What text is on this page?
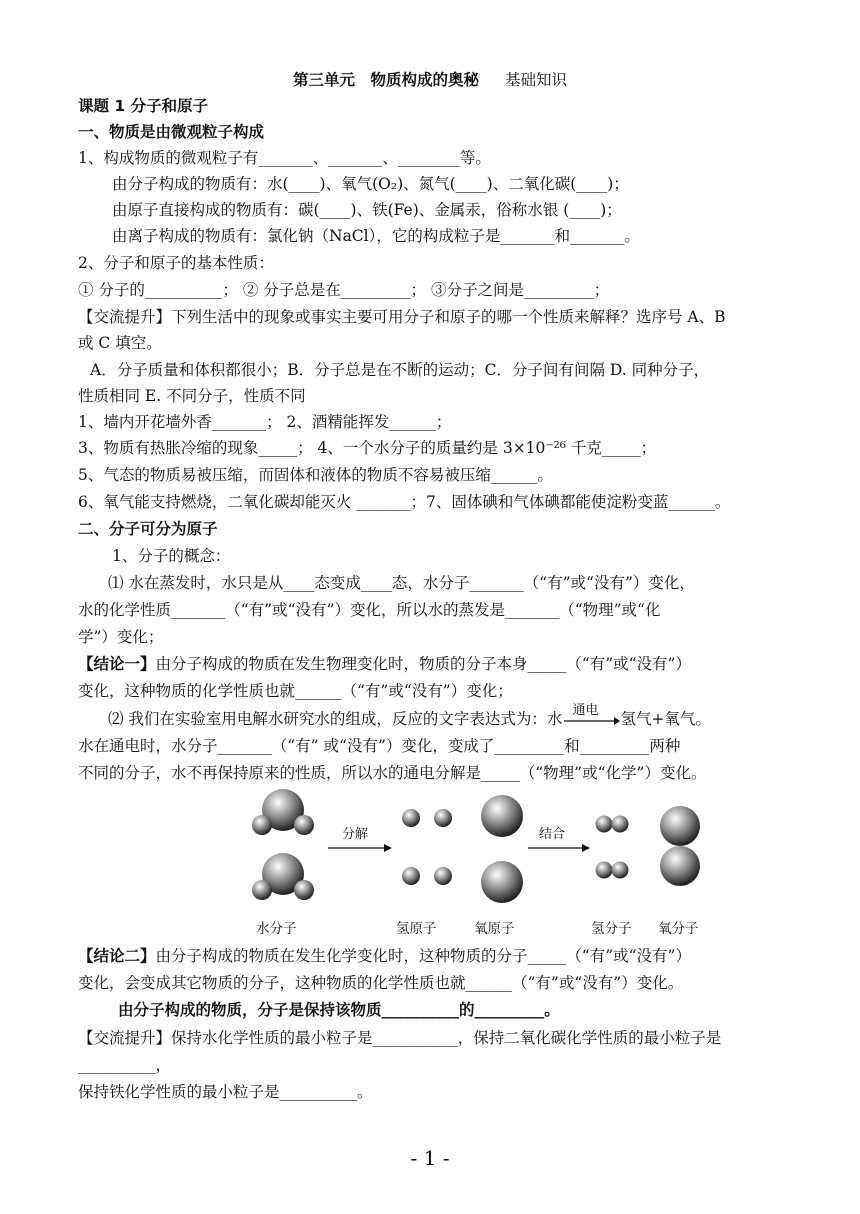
第三单元　物质构成的奥秘 基础知识
课题 1 分子和原子
一、物质是由微观粒子构成
1、构成物质的微观粒子有_______、_______、________等。
由分子构成的物质有：水(____)、氧气(O₂)、氮气(____)、二氧化碳(____)；
由原子直接构成的物质有：碳(____)、铁(Fe)、金属汞，俗称水银 (____)；
由离子构成的物质有：氯化钠（NaCl），它的构成粒子是_______和_______。
2、分子和原子的基本性质：
① 分子的__________； ② 分子总是在_________； ③分子之间是_________；
【交流提升】下列生活中的现象或事实主要可用分子和原子的哪一个性质来解释？选序号 A、B
或 C 填空。
A．分子质量和体积都很小；B．分子总是在不断的运动；C．分子间有间隔 D. 同种分子，
性质相同 E. 不同分子，性质不同
1、墙内开花墙外香_______； 2、酒精能挥发______；
3、物质有热胀冷缩的现象_____； 4、一个水分子的质量约是 3×10⁻²⁶ 千克_____；
5、气态的物质易被压缩，而固体和液体的物质不容易被压缩______。
6、氧气能支持燃烧，二氧化碳却能灭火 _______；7、固体碘和气体碘都能使淀粉变蓝______。
二、分子可分为原子
1、分子的概念：
⑴ 水在蒸发时，水只是从____态变成____态，水分子_______（“有”或“没有”）变化，
水的化学性质_______（“有”或“没有”）变化，所以水的蒸发是_______（“物理”或“化
学”）变化；
【结论一】由分子构成的物质在发生物理变化时，物质的分子本身_____（“有”或“没有”）
变化，这种物质的化学性质也就______（“有”或“没有”）变化；
⑵ 我们在实验室用电解水研究水的组成，反应的文字表达式为：水 通电 氢气+氧气。
水在通电时，水分子_______（“有” 或“没有”）变化，变成了_________和_________两种
不同的分子，水不再保持原来的性质，所以水的通电分解是_____（“物理”或“化学”）变化。
分解	结合
水分子	氢原子	氧原子	氢分子 氧分子
【结论二】由分子构成的物质在发生化学变化时，这种物质的分子_____（“有”或“没有”）
变化，会变成其它物质的分子，这种物质的化学性质也就______（“有”或“没有”）变化。
由分子构成的物质，分子是保持该物质__________的_________。
【交流提升】保持水化学性质的最小粒子是___________，保持二氧化碳化学性质的最小粒子是
__________，
保持铁化学性质的最小粒子是__________。
- 1 -
